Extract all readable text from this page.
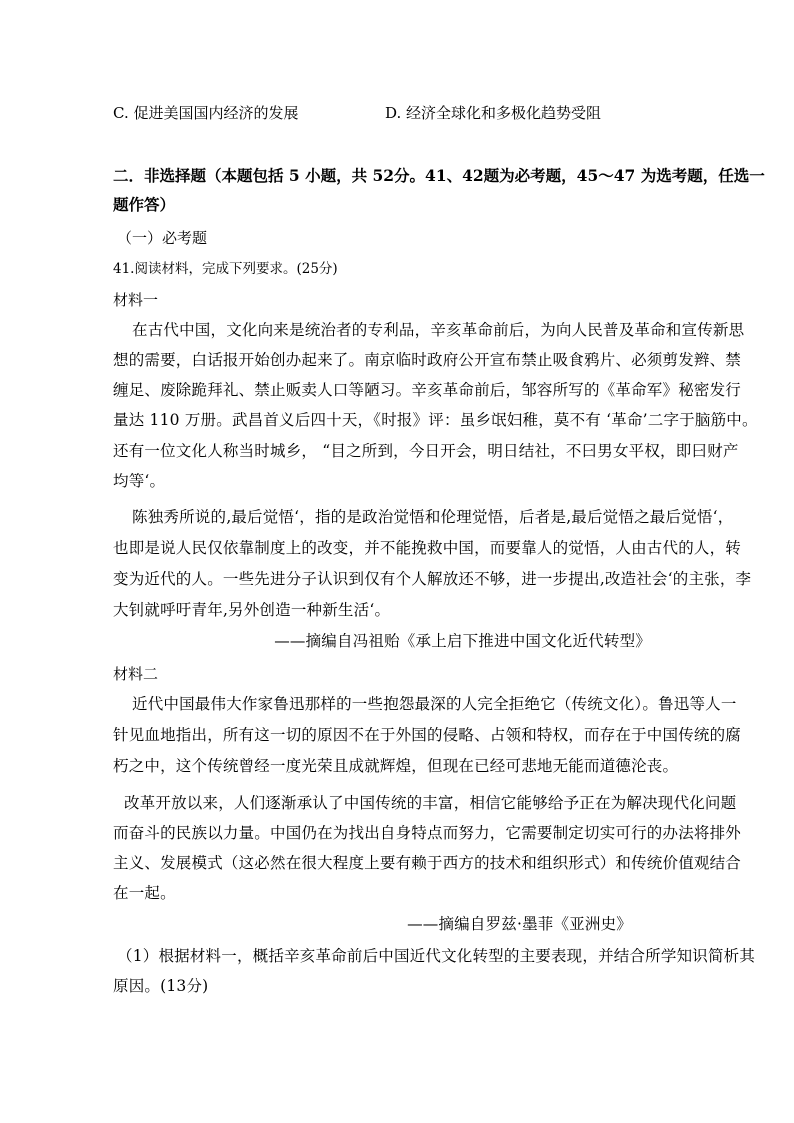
C. 促进美国国内经济的发展	D. 经济全球化和多极化趋势受阻
二．非选择题（本题包括 5 小题，共 52分。41、42题为必考题，45～47 为选考题，任选一
题作答）
（一）必考题
41.阅读材料，完成下列要求。(25分)
材料一
在古代中国，文化向来是统治者的专利品，辛亥革命前后，为向人民普及革命和宣传新思
想的需要，白话报开始创办起来了。南京临时政府公开宣布禁止吸食鸦片、必须剪发辫、禁
缠足、废除跪拜礼、禁止贩卖人口等陋习。辛亥革命前后，邹容所写的《革命军》秘密发行
量达 110 万册。武昌首义后四十天，《时报》评：虽乡氓妇稚，莫不有 ‘革命’二字于脑筋中。
还有一位文化人称当时城乡， “目之所到，今日开会，明日结社，不曰男女平权，即曰财产
均等‘。
陈独秀所说的‚最后觉悟‘，指的是政治觉悟和伦理觉悟，后者是‚最后觉悟之最后觉悟‘，
也即是说人民仅依靠制度上的改变，并不能挽救中国，而要靠人的觉悟，人由古代的人，转
变为近代的人。一些先进分子认识到仅有个人解放还不够，进一步提出‚改造社会‘的主张，李
大钊就呼吁青年‚另外创造一种新生活‘。
——摘编自冯祖贻《承上启下推进中国文化近代转型》
材料二
近代中国最伟大作家鲁迅那样的一些抱怨最深的人完全拒绝它（传统文化）。鲁迅等人一
针见血地指出，所有这一切的原因不在于外国的侵略、占领和特权，而存在于中国传统的腐
朽之中，这个传统曾经一度光荣且成就辉煌，但现在已经可悲地无能而道德沦丧。
改革开放以来，人们逐渐承认了中国传统的丰富，相信它能够给予正在为解决现代化问题
而奋斗的民族以力量。中国仍在为找出自身特点而努力，它需要制定切实可行的办法将排外
主义、发展模式（这必然在很大程度上要有赖于西方的技术和组织形式）和传统价值观结合
在一起。
——摘编自罗兹·墨菲《亚洲史》
（1）根据材料一，概括辛亥革命前后中国近代文化转型的主要表现，并结合所学知识简析其
原因。(13分)
